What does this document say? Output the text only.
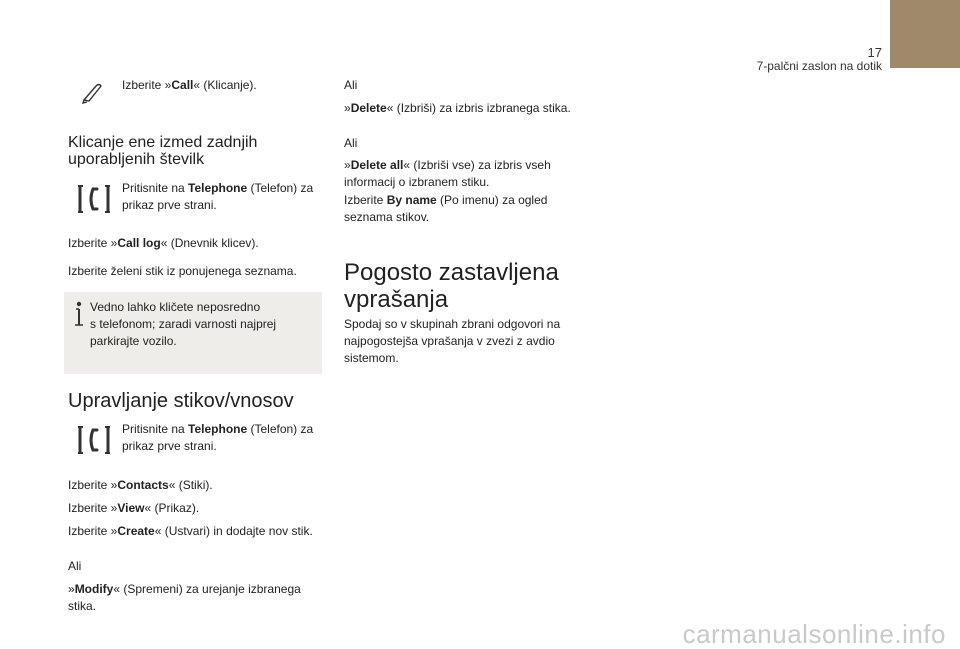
17
7-palčni zaslon na dotik

Izberite »Call« (Klicanje).

Klicanje ene izmed zadnjih
uporabljenih številk

Pritisnite na Telephone (Telefon) za
prikaz prve strani.

Izberite »Call log« (Dnevnik klicev).

Izberite želeni stik iz ponujenega seznama.

Vedno lahko kličete neposredno
s telefonom; zaradi varnosti najprej
parkirajte vozilo.
Upravljanje stikov/vnosov

Pritisnite na Telephone (Telefon) za
prikaz prve strani.

Izberite »Contacts« (Stiki).

Izberite »View« (Prikaz).

Izberite »Create« (Ustvari) in dodajte nov stik.

Ali

»Modify« (Spremeni) za urejanje izbranega
stika.

Ali

»Delete« (Izbriši) za izbris izbranega stika.

Ali

»Delete all« (Izbriši vse) za izbris vseh
informacij o izbranem stiku.

Izberite By name (Po imenu) za ogled
seznama stikov.

Pogosto zastavljena
vprašanja

Spodaj so v skupinah zbrani odgovori na
najpogostejša vprašanja v zvezi z avdio
sistemom.

carmanualsonline.info
